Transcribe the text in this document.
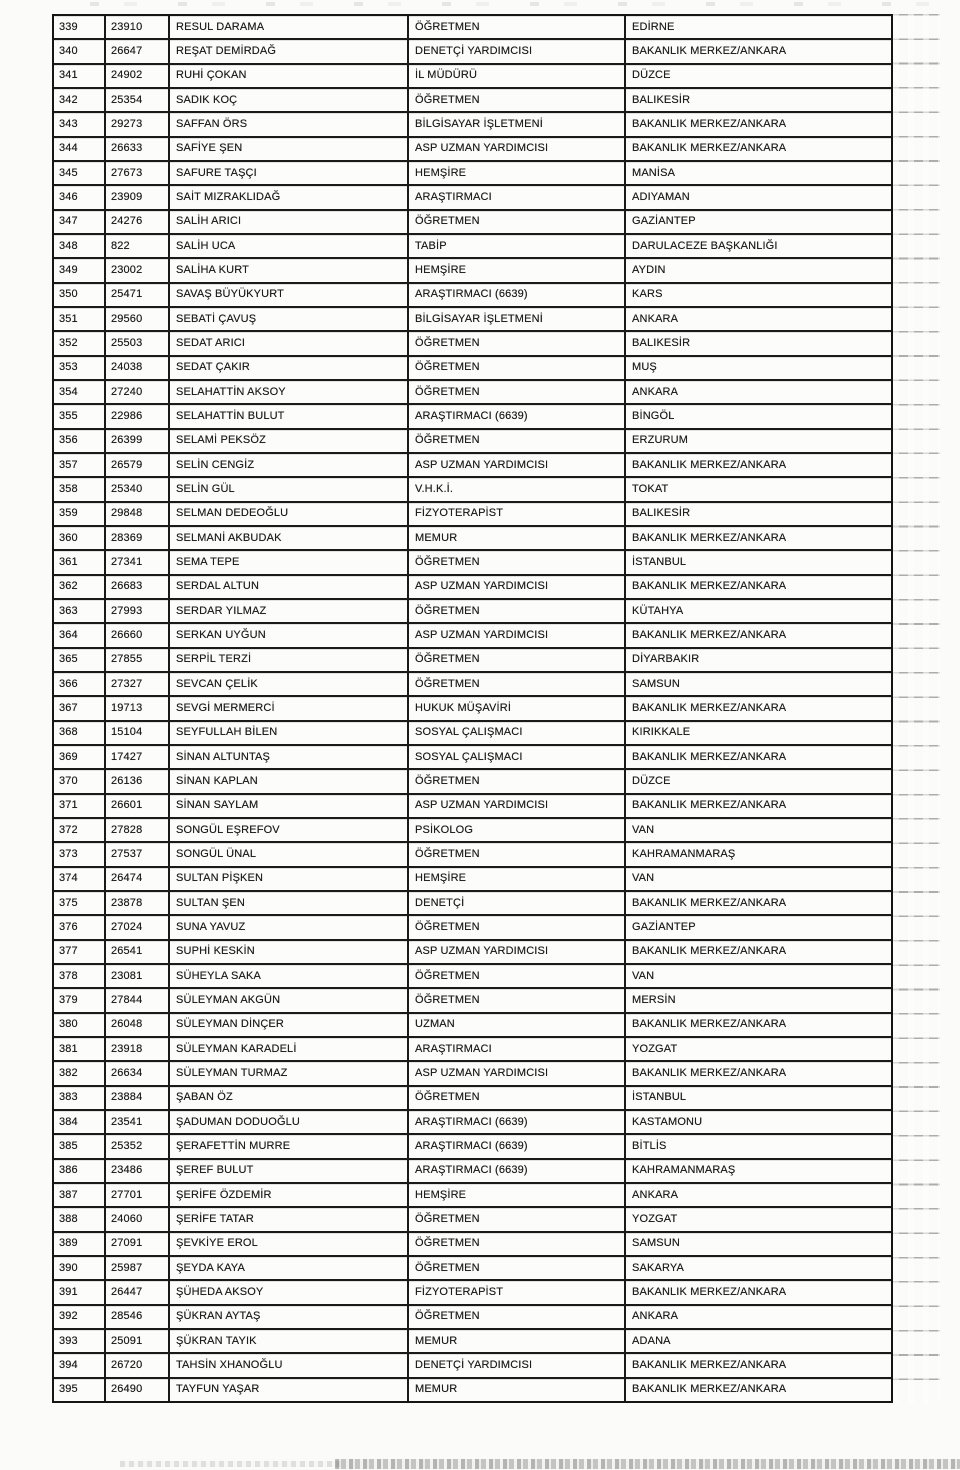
339	23910	RESUL DARAMA	ÖĞRETMEN	EDİRNE
340	26647	REŞAT DEMİRDAĞ	DENETÇİ YARDIMCISI	BAKANLIK MERKEZ/ANKARA
341	24902	RUHİ ÇOKAN	İL MÜDÜRÜ	DÜZCE
342	25354	SADIK KOÇ	ÖĞRETMEN	BALIKESİR
343	29273	SAFFAN ÖRS	BİLGİSAYAR İŞLETMENİ	BAKANLIK MERKEZ/ANKARA
344	26633	SAFİYE ŞEN	ASP UZMAN YARDIMCISI	BAKANLIK MERKEZ/ANKARA
345	27673	SAFURE TAŞÇI	HEMŞİRE	MANİSA
346	23909	SAİT MIZRAKLIDAĞ	ARAŞTIRMACI	ADIYAMAN
347	24276	SALİH ARICI	ÖĞRETMEN	GAZİANTEP
348	822	SALİH UCA	TABİP	DARULACEZE BAŞKANLIĞI
349	23002	SALİHA KURT	HEMŞİRE	AYDIN
350	25471	SAVAŞ BÜYÜKYURT	ARAŞTIRMACI (6639)	KARS
351	29560	SEBATİ ÇAVUŞ	BİLGİSAYAR İŞLETMENİ	ANKARA
352	25503	SEDAT ARICI	ÖĞRETMEN	BALIKESİR
353	24038	SEDAT ÇAKIR	ÖĞRETMEN	MUŞ
354	27240	SELAHATTİN AKSOY	ÖĞRETMEN	ANKARA
355	22986	SELAHATTİN BULUT	ARAŞTIRMACI (6639)	BİNGÖL
356	26399	SELAMİ PEKSÖZ	ÖĞRETMEN	ERZURUM
357	26579	SELİN CENGİZ	ASP UZMAN YARDIMCISI	BAKANLIK MERKEZ/ANKARA
358	25340	SELİN GÜL	V.H.K.İ.	TOKAT
359	29848	SELMAN DEDEOĞLU	FİZYOTERAPİST	BALIKESİR
360	28369	SELMANİ AKBUDAK	MEMUR	BAKANLIK MERKEZ/ANKARA
361	27341	SEMA TEPE	ÖĞRETMEN	İSTANBUL
362	26683	SERDAL ALTUN	ASP UZMAN YARDIMCISI	BAKANLIK MERKEZ/ANKARA
363	27993	SERDAR YILMAZ	ÖĞRETMEN	KÜTAHYA
364	26660	SERKAN UYĞUN	ASP UZMAN YARDIMCISI	BAKANLIK MERKEZ/ANKARA
365	27855	SERPİL TERZİ	ÖĞRETMEN	DİYARBAKIR
366	27327	SEVCAN ÇELİK	ÖĞRETMEN	SAMSUN
367	19713	SEVGİ MERMERCİ	HUKUK MÜŞAVİRİ	BAKANLIK MERKEZ/ANKARA
368	15104	SEYFULLAH BİLEN	SOSYAL ÇALIŞMACI	KIRIKKALE
369	17427	SİNAN ALTUNTAŞ	SOSYAL ÇALIŞMACI	BAKANLIK MERKEZ/ANKARA
370	26136	SİNAN KAPLAN	ÖĞRETMEN	DÜZCE
371	26601	SİNAN SAYLAM	ASP UZMAN YARDIMCISI	BAKANLIK MERKEZ/ANKARA
372	27828	SONGÜL EŞREFOV	PSİKOLOG	VAN
373	27537	SONGÜL ÜNAL	ÖĞRETMEN	KAHRAMANMARAŞ
374	26474	SULTAN PİŞKEN	HEMŞİRE	VAN
375	23878	SULTAN ŞEN	DENETÇİ	BAKANLIK MERKEZ/ANKARA
376	27024	SUNA YAVUZ	ÖĞRETMEN	GAZİANTEP
377	26541	SUPHİ KESKİN	ASP UZMAN YARDIMCISI	BAKANLIK MERKEZ/ANKARA
378	23081	SÜHEYLA SAKA	ÖĞRETMEN	VAN
379	27844	SÜLEYMAN AKGÜN	ÖĞRETMEN	MERSİN
380	26048	SÜLEYMAN DİNÇER	UZMAN	BAKANLIK MERKEZ/ANKARA
381	23918	SÜLEYMAN KARADELİ	ARAŞTIRMACI	YOZGAT
382	26634	SÜLEYMAN TURMAZ	ASP UZMAN YARDIMCISI	BAKANLIK MERKEZ/ANKARA
383	23884	ŞABAN ÖZ	ÖĞRETMEN	İSTANBUL
384	23541	ŞADUMAN DODUOĞLU	ARAŞTIRMACI (6639)	KASTAMONU
385	25352	ŞERAFETTİN MURRE	ARAŞTIRMACI (6639)	BİTLİS
386	23486	ŞEREF BULUT	ARAŞTIRMACI (6639)	KAHRAMANMARAŞ
387	27701	ŞERİFE ÖZDEMİR	HEMŞİRE	ANKARA
388	24060	ŞERİFE TATAR	ÖĞRETMEN	YOZGAT
389	27091	ŞEVKİYE EROL	ÖĞRETMEN	SAMSUN
390	25987	ŞEYDA KAYA	ÖĞRETMEN	SAKARYA
391	26447	ŞÜHEDA AKSOY	FİZYOTERAPİST	BAKANLIK MERKEZ/ANKARA
392	28546	ŞÜKRAN AYTAŞ	ÖĞRETMEN	ANKARA
393	25091	ŞÜKRAN TAYIK	MEMUR	ADANA
394	26720	TAHSİN XHANOĞLU	DENETÇİ YARDIMCISI	BAKANLIK MERKEZ/ANKARA
395	26490	TAYFUN YAŞAR	MEMUR	BAKANLIK MERKEZ/ANKARA
